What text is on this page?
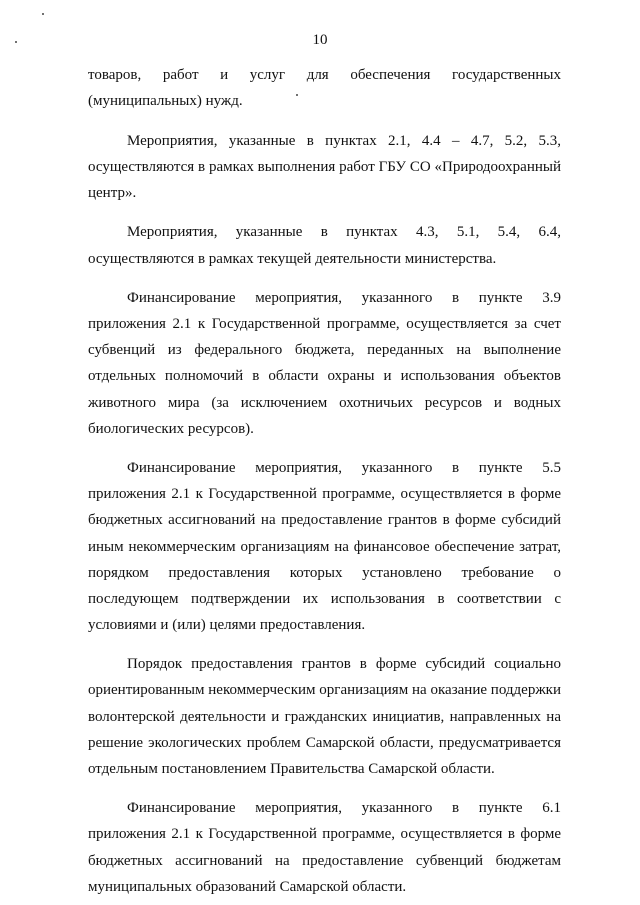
10

товаров, работ и услуг для обеспечения государственных (муниципальных) нужд.

Мероприятия, указанные в пунктах 2.1, 4.4 – 4.7, 5.2, 5.3, осуществляются в рамках выполнения работ ГБУ СО «Природоохранный центр».

Мероприятия, указанные в пунктах 4.3, 5.1, 5.4, 6.4, осуществляются в рамках текущей деятельности министерства.

Финансирование мероприятия, указанного в пункте 3.9 приложения 2.1 к Государственной программе, осуществляется за счет субвенций из федерального бюджета, переданных на выполнение отдельных полномочий в области охраны и использования объектов животного мира (за исключением охотничьих ресурсов и водных биологических ресурсов).

Финансирование мероприятия, указанного в пункте 5.5 приложения 2.1 к Государственной программе, осуществляется в форме бюджетных ассигнований на предоставление грантов в форме субсидий иным некоммерческим организациям на финансовое обеспечение затрат, порядком предоставления которых установлено требование о последующем подтверждении их использования в соответствии с условиями и (или) целями предоставления.

Порядок предоставления грантов в форме субсидий социально ориентированным некоммерческим организациям на оказание поддержки волонтерской деятельности и гражданских инициатив, направленных на решение экологических проблем Самарской области, предусматривается отдельным постановлением Правительства Самарской области.

Финансирование мероприятия, указанного в пункте 6.1 приложения 2.1 к Государственной программе, осуществляется в форме бюджетных ассигнований на предоставление субвенций бюджетам муниципальных образований Самарской области.
